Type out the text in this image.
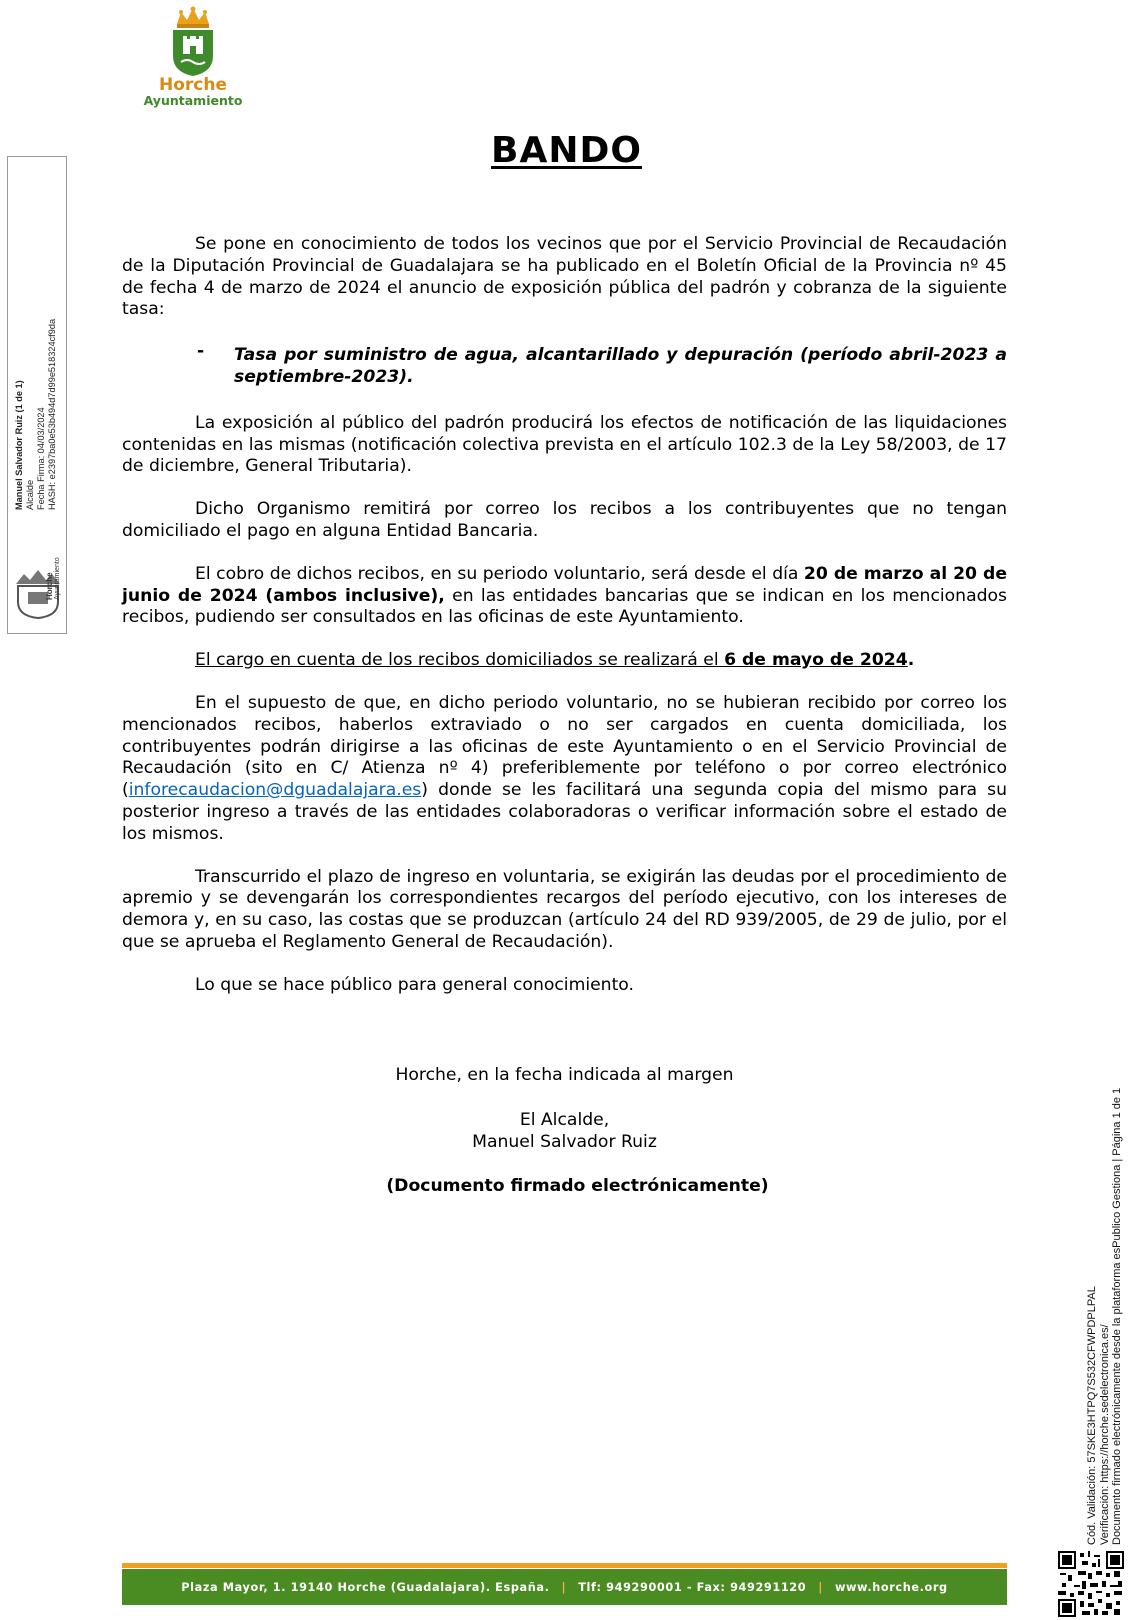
Horche
Ayuntamiento
Manuel Salvador Ruiz (1 de 1) Alcalde Fecha Firma: 04/03/2024 HASH: e2397ba0e53b494d7d99e518324cf9da
Horche Ayuntamiento
BANDO

Se pone en conocimiento de todos los vecinos que por el Servicio Provincial de Recaudación de la Diputación Provincial de Guadalajara se ha publicado en el Boletín Oficial de la Provincia nº 45 de fecha 4 de marzo de 2024 el anuncio de exposición pública del padrón y cobranza de la siguiente tasa:

- Tasa por suministro de agua, alcantarillado y depuración (período abril-2023 a septiembre-2023).

La exposición al público del padrón producirá los efectos de notificación de las liquidaciones contenidas en las mismas (notificación colectiva prevista en el artículo 102.3 de la Ley 58/2003, de 17 de diciembre, General Tributaria).

Dicho Organismo remitirá por correo los recibos a los contribuyentes que no tengan domiciliado el pago en alguna Entidad Bancaria.

El cobro de dichos recibos, en su periodo voluntario, será desde el día 20 de marzo al 20 de junio de 2024 (ambos inclusive), en las entidades bancarias que se indican en los mencionados recibos, pudiendo ser consultados en las oficinas de este Ayuntamiento.

El cargo en cuenta de los recibos domiciliados se realizará el 6 de mayo de 2024.

En el supuesto de que, en dicho periodo voluntario, no se hubieran recibido por correo los mencionados recibos, haberlos extraviado o no ser cargados en cuenta domiciliada, los contribuyentes podrán dirigirse a las oficinas de este Ayuntamiento o en el Servicio Provincial de Recaudación (sito en C/ Atienza nº 4) preferiblemente por teléfono o por correo electrónico (inforecaudacion@dguadalajara.es) donde se les facilitará una segunda copia del mismo para su posterior ingreso a través de las entidades colaboradoras o verificar información sobre el estado de los mismos.

Transcurrido el plazo de ingreso en voluntaria, se exigirán las deudas por el procedimiento de apremio y se devengarán los correspondientes recargos del período ejecutivo, con los intereses de demora y, en su caso, las costas que se produzcan (artículo 24 del RD 939/2005, de 29 de julio, por el que se aprueba el Reglamento General de Recaudación).

Lo que se hace público para general conocimiento.

Horche, en la fecha indicada al margen
El Alcalde,
Manuel Salvador Ruiz
(Documento firmado electrónicamente)
Cód. Validación: 57SKE3HTPQ7S532CFWPDPLPAL Verificación: https://horche.sedelectronica.es/ Documento firmado electrónicamente desde la plataforma esPublico Gestiona | Página 1 de 1
Plaza Mayor, 1. 19140 Horche (Guadalajara). España. | Tlf: 949290001 - Fax: 949291120 | www.horche.org
